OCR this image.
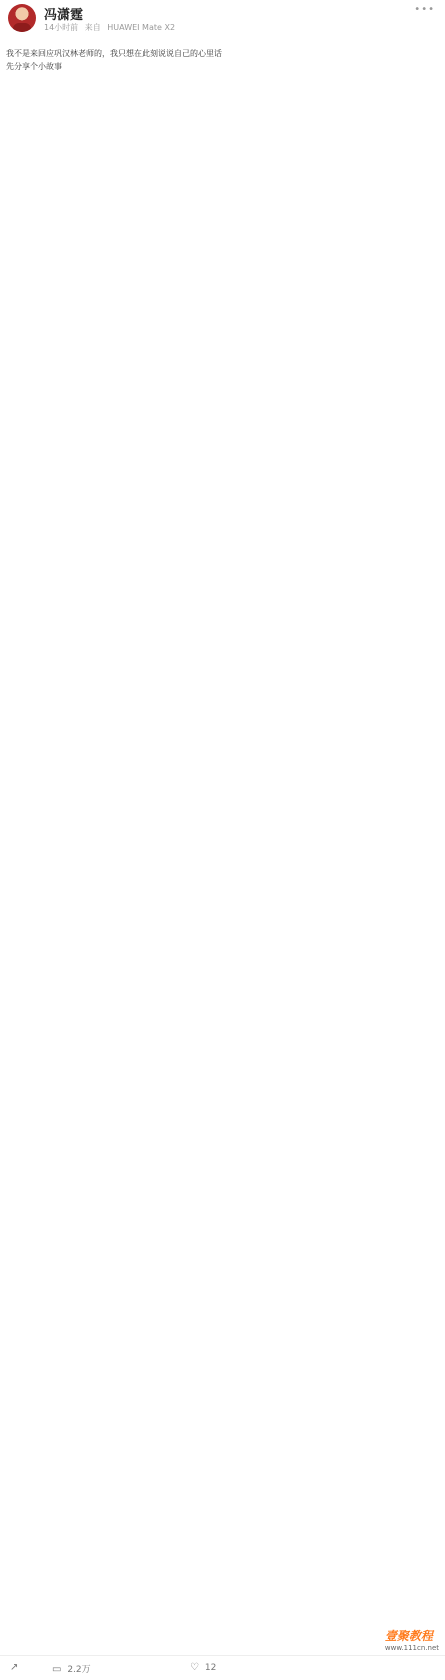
冯潇霆
14小时前 来自 HUAWEI Mate X2
•••

我不是来回应巩汉林老师的，我只想在此刻说说自己的心里话
先分享个小故事

壹聚教程
www.111cn.net
↗	▭ 2.2万	♡ 12
